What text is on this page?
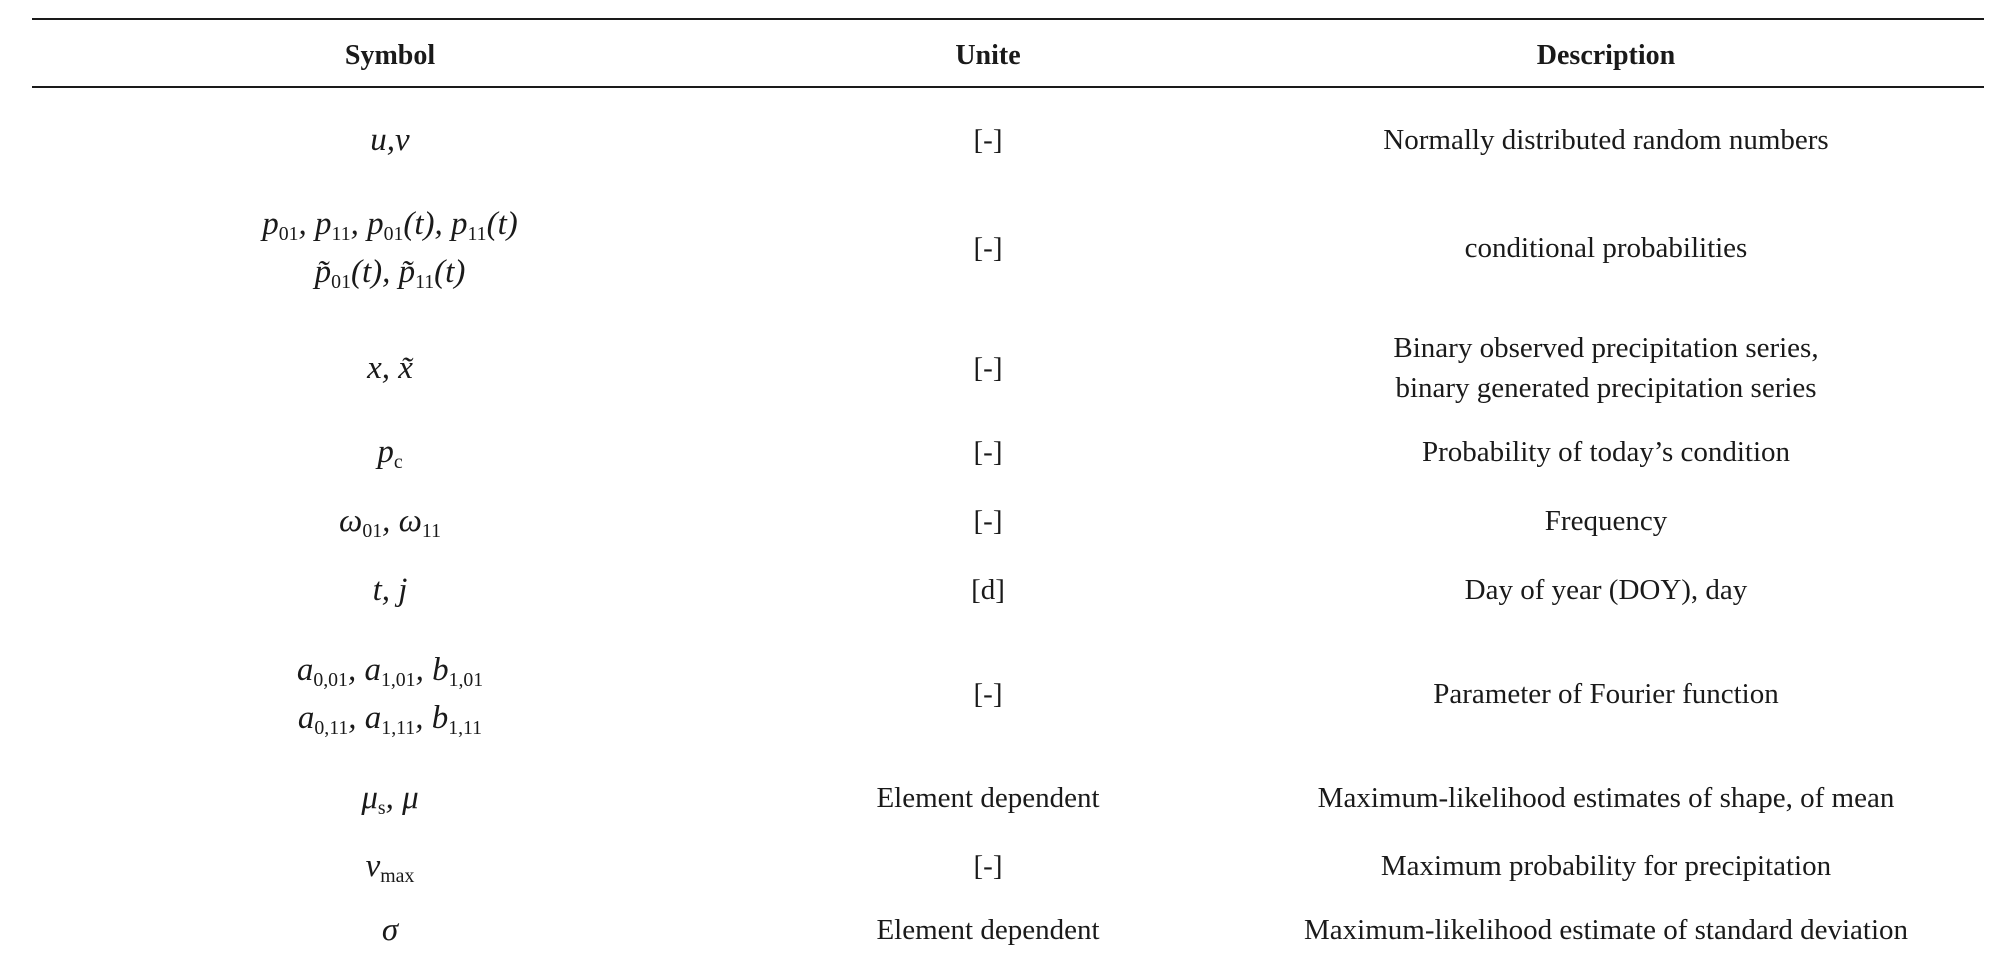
Symbol	Unite	Description
u,v	[-]	Normally distributed random numbers
$p_{01}$, $p_{11}$, $p_{01}(t)$, $p_{11}(t)$
$p̃_{01}(t)$, $p̃_{11}(t)$
[-]	conditional probabilities
x, x̃	[-]
Binary observed precipitation series,
binary generated precipitation series
$p_c$	[-]	Probability of today’s condition
$\omega_{01}$, $\omega_{11}$	[-]	Frequency
t, j	[d]	Day of year (DOY), day
$a_{0,01}$, $a_{1,01}$, $b_{1,01}$
$a_{0,11}$, $a_{1,11}$, $b_{1,11}$
[-]	Parameter of Fourier function
$\mu_s$, μ	Element dependent	Maximum-likelihood estimates of shape, of mean
$v_{max}$	[-]	Maximum probability for precipitation
σ	Element dependent	Maximum-likelihood estimate of standard deviation
